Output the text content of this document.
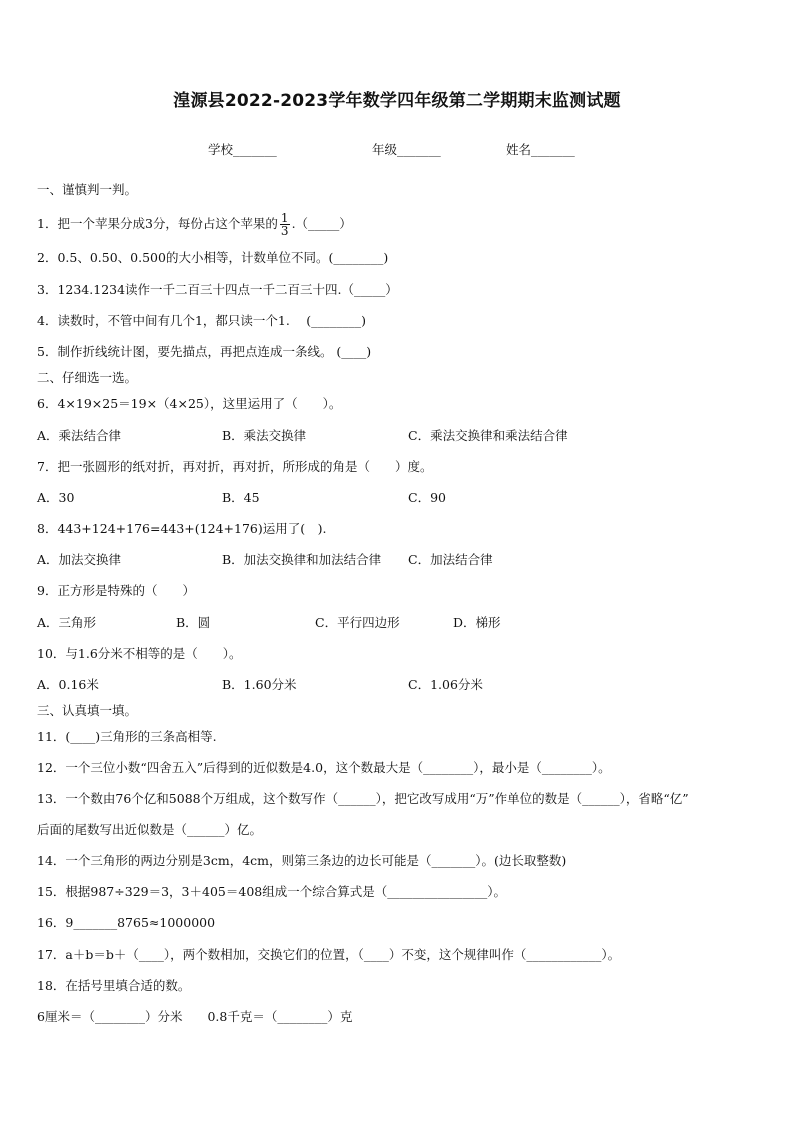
湟源县2022-2023学年数学四年级第二学期期末监测试题
学校_______	年级_______	姓名_______
一、谨慎判一判。
1．把一个苹果分成3分，每份占这个苹果的 $\frac{1}{3}$ .（_____）
2．0.5、0.50、0.500的大小相等，计数单位不同。(________)
3．1234.1234读作一千二百三十四点一千二百三十四.（_____）
4．读数时，不管中间有几个1，都只读一个1.　 (________)
5．制作折线统计图，要先描点，再把点连成一条线。 (____)
二、仔细选一选。
6．4×19×25＝19×（4×25），这里运用了（　　）。
A．乘法结合律	B．乘法交换律	C．乘法交换律和乘法结合律
7．把一张圆形的纸对折，再对折，再对折，所形成的角是（　　）度。
A．30	B．45	C．90
8．443+124+176=443+(124+176)运用了(　).
A．加法交换律	B．加法交换律和加法结合律 C．加法结合律
9．正方形是特殊的（　　）
A．三角形	B．圆	C．平行四边形	D．梯形
10．与1.6分米不相等的是（　　）。
A．0.16米	B．1.60分米	C．1.06分米
三、认真填一填。
11．(____)三角形的三条高相等.
12．一个三位小数“四舍五入”后得到的近似数是4.0，这个数最大是（________），最小是（________）。
13．一个数由76个亿和5088个万组成，这个数写作（______），把它改写成用“万”作单位的数是（______），省略“亿”
后面的尾数写出近似数是（______）亿。
14．一个三角形的两边分别是3cm，4cm，则第三条边的边长可能是（_______）。(边长取整数)
15．根据987÷329＝3，3＋405＝408组成一个综合算式是（________________）。
16．9_______8765≈1000000
17．a＋b＝b＋（____），两个数相加，交换它们的位置，（____）不变，这个规律叫作（____________）。
18．在括号里填合适的数。
6厘米＝（________）分米　　0.8千克＝（________）克
